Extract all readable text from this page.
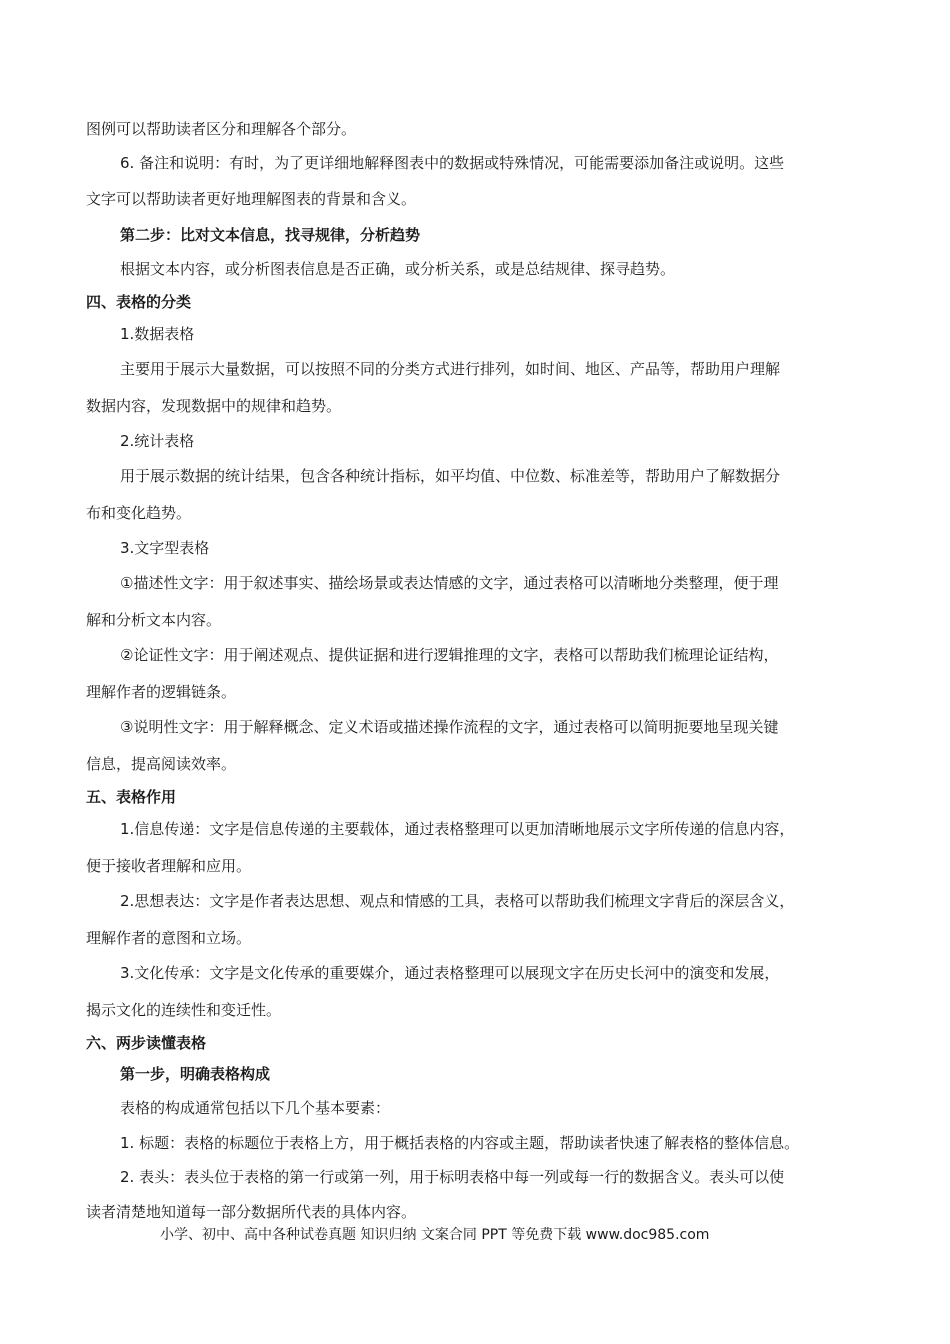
图例可以帮助读者区分和理解各个部分。
6. 备注和说明：有时，为了更详细地解释图表中的数据或特殊情况，可能需要添加备注或说明。这些
文字可以帮助读者更好地理解图表的背景和含义。
第二步：比对文本信息，找寻规律，分析趋势
根据文本内容，或分析图表信息是否正确，或分析关系，或是总结规律、探寻趋势。
四、表格的分类
1.数据表格
主要用于展示大量数据，可以按照不同的分类方式进行排列，如时间、地区、产品等，帮助用户理解
数据内容，发现数据中的规律和趋势。
2.统计表格
用于展示数据的统计结果，包含各种统计指标，如平均值、中位数、标准差等，帮助用户了解数据分
布和变化趋势。
3.文字型表格
①描述性文字：用于叙述事实、描绘场景或表达情感的文字，通过表格可以清晰地分类整理，便于理
解和分析文本内容。
②论证性文字：用于阐述观点、提供证据和进行逻辑推理的文字，表格可以帮助我们梳理论证结构，
理解作者的逻辑链条。
③说明性文字：用于解释概念、定义术语或描述操作流程的文字，通过表格可以简明扼要地呈现关键
信息，提高阅读效率。
五、表格作用
1.信息传递：文字是信息传递的主要载体，通过表格整理可以更加清晰地展示文字所传递的信息内容，
便于接收者理解和应用。
2.思想表达：文字是作者表达思想、观点和情感的工具，表格可以帮助我们梳理文字背后的深层含义，
理解作者的意图和立场。
3.文化传承：文字是文化传承的重要媒介，通过表格整理可以展现文字在历史长河中的演变和发展，
揭示文化的连续性和变迁性。
六、两步读懂表格
第一步，明确表格构成
表格的构成通常包括以下几个基本要素：
1. 标题：表格的标题位于表格上方，用于概括表格的内容或主题，帮助读者快速了解表格的整体信息。
2. 表头：表头位于表格的第一行或第一列，用于标明表格中每一列或每一行的数据含义。表头可以使
读者清楚地知道每一部分数据所代表的具体内容。
小学、初中、高中各种试卷真题 知识归纳 文案合同 PPT 等免费下载 www.doc985.com
